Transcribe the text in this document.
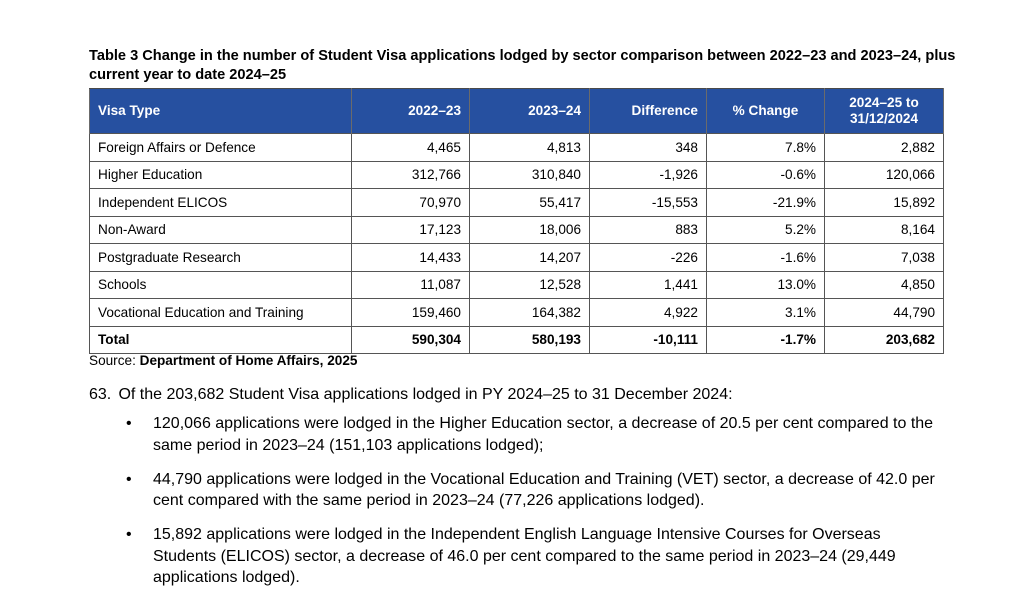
Table 3 Change in the number of Student Visa applications lodged by sector comparison between 2022–23 and 2023–24, plus current year to date 2024–25
Visa Type	2022–23	2023–24	Difference	% Change	2024–25 to
31/12/2024
Foreign Affairs or Defence	4,465	4,813	348	7.8%	2,882
Higher Education	312,766	310,840	-1,926	-0.6%	120,066
Independent ELICOS	70,970	55,417	-15,553	-21.9%	15,892
Non-Award	17,123	18,006	883	5.2%	8,164
Postgraduate Research	14,433	14,207	-226	-1.6%	7,038
Schools	11,087	12,528	1,441	13.0%	4,850
Vocational Education and Training	159,460	164,382	4,922	3.1%	44,790
Total	590,304	580,193	-10,111	-1.7%	203,682
Source: Department of Home Affairs, 2025
63. Of the 203,682 Student Visa applications lodged in PY 2024–25 to 31 December 2024:
• 120,066 applications were lodged in the Higher Education sector, a decrease of 20.5 per cent compared to the same period in 2023–24 (151,103 applications lodged);
• 44,790 applications were lodged in the Vocational Education and Training (VET) sector, a decrease of 42.0 per cent compared with the same period in 2023–24 (77,226 applications lodged).
• 15,892 applications were lodged in the Independent English Language Intensive Courses for Overseas Students (ELICOS) sector, a decrease of 46.0 per cent compared to the same period in 2023–24 (29,449 applications lodged).
